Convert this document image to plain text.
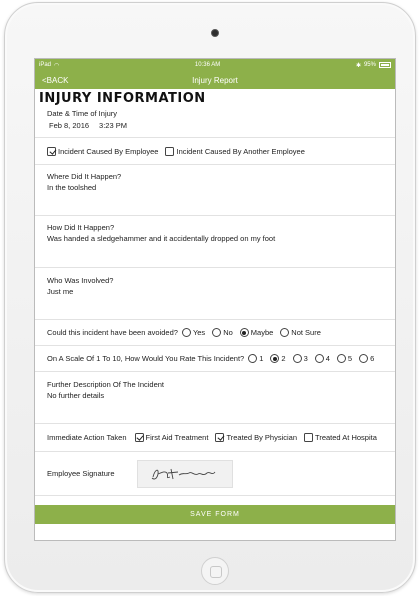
iPad ◠	10:36 AM	✱ 95%
<BACK	Injury Report
INJURY INFORMATION
Date & Time of Injury
Feb 8, 2016 3:23 PM
Incident Caused By Employee Incident Caused By Another Employee
Where Did It Happen?
In the toolshed
How Did It Happen?
Was handed a sledgehammer and it accidentally dropped on my foot
Who Was Involved?
Just me
Could this incident have been avoided? Yes No Maybe Not Sure
On A Scale Of 1 To 10, How Would You Rate This Incident? 1 2 3 4 5 6
Further Description Of The Incident
No further details
Immediate Action Taken	First Aid Treatment Treated By Physician Treated At Hospita
Employee Signature
SAVE FORM
